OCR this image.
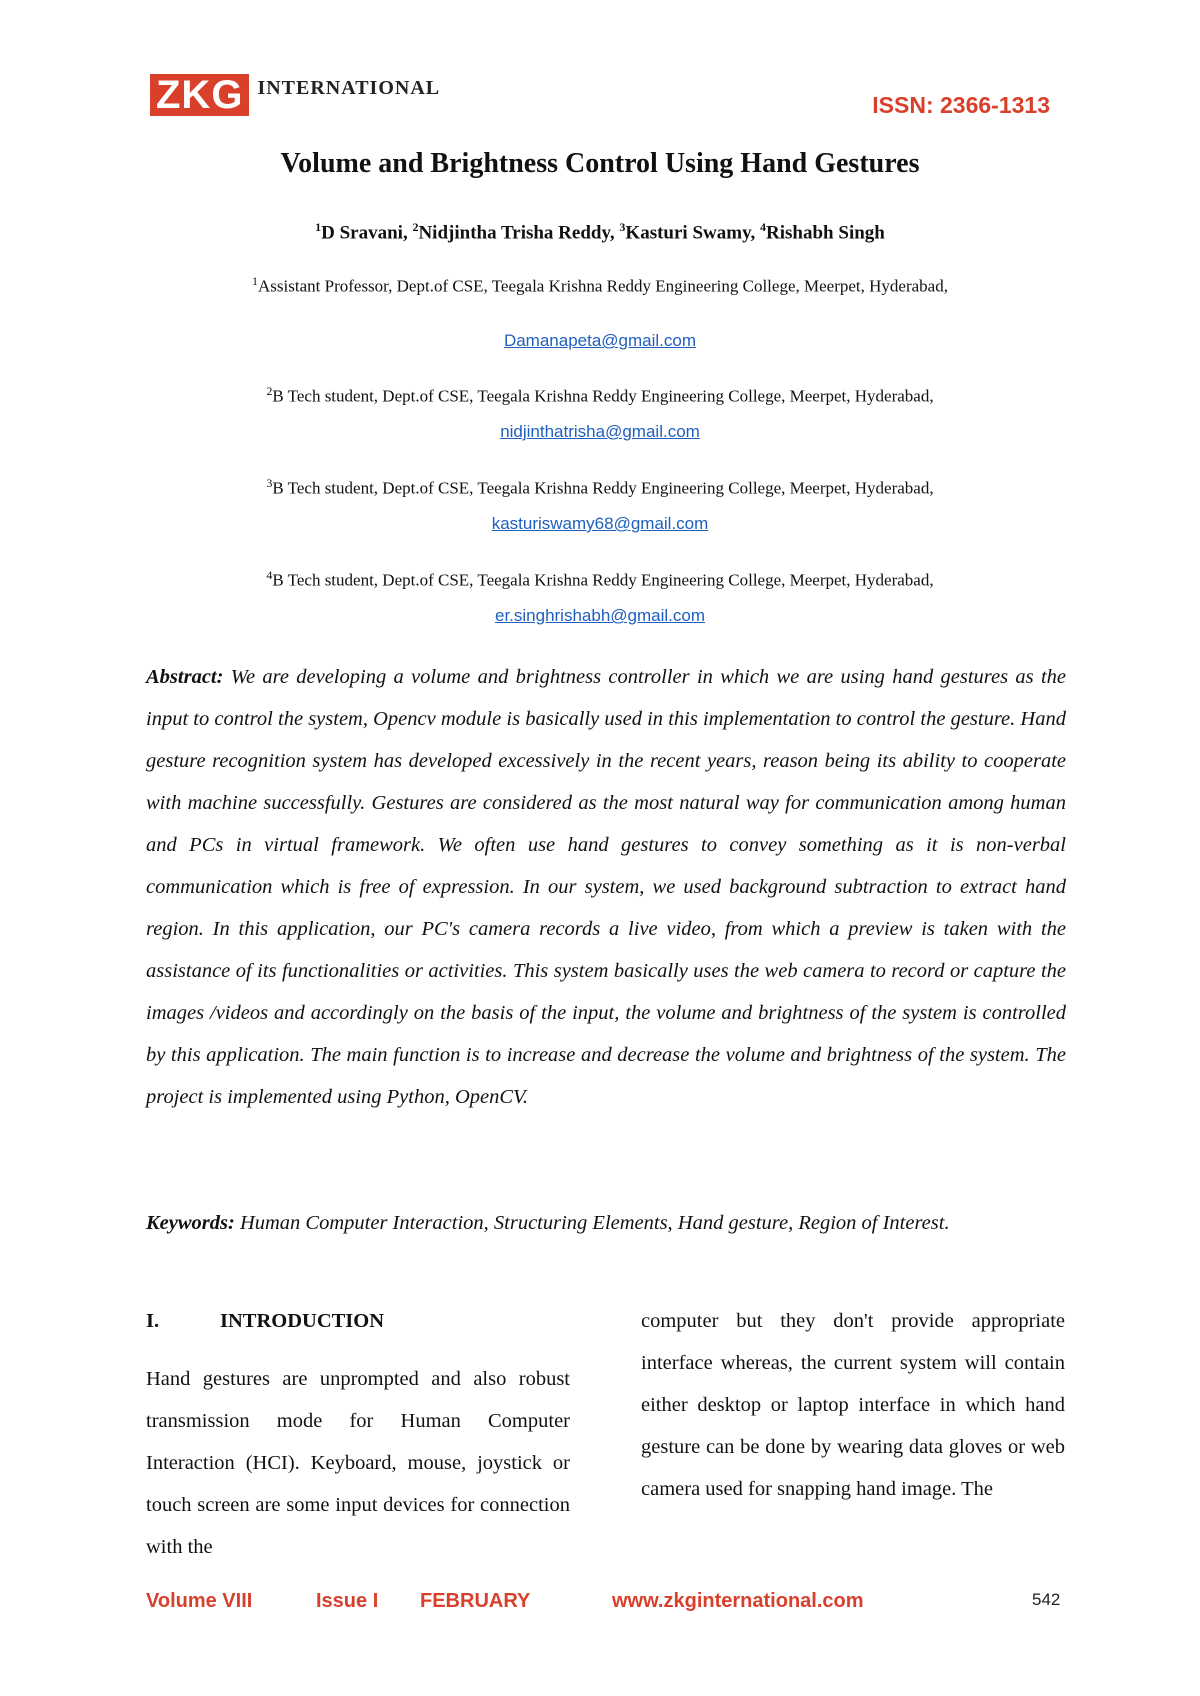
ZKG INTERNATIONAL
ISSN: 2366-1313
Volume and Brightness Control Using Hand Gestures
$^1$D Sravani, $^2$Nidjintha Trisha Reddy, $^3$Kasturi Swamy, $^4$Rishabh Singh
$^1$Assistant Professor, Dept.of CSE, Teegala Krishna Reddy Engineering College, Meerpet, Hyderabad,
Damanapeta@gmail.com
$^2$B Tech student, Dept.of CSE, Teegala Krishna Reddy Engineering College, Meerpet, Hyderabad,
nidjinthatrisha@gmail.com
$^3$B Tech student, Dept.of CSE, Teegala Krishna Reddy Engineering College, Meerpet, Hyderabad,
kasturiswamy68@gmail.com
$^4$B Tech student, Dept.of CSE, Teegala Krishna Reddy Engineering College, Meerpet, Hyderabad,
er.singhrishabh@gmail.com
Abstract: We are developing a volume and brightness controller in which we are using hand gestures as the input to control the system, Opencv module is basically used in this implementation to control the gesture. Hand gesture recognition system has developed excessively in the recent years, reason being its ability to cooperate with machine successfully. Gestures are considered as the most natural way for communication among human and PCs in virtual framework. We often use hand gestures to convey something as it is non-verbal communication which is free of expression. In our system, we used background subtraction to extract hand region. In this application, our PC's camera records a live video, from which a preview is taken with the assistance of its functionalities or activities. This system basically uses the web camera to record or capture the images /videos and accordingly on the basis of the input, the volume and brightness of the system is controlled by this application. The main function is to increase and decrease the volume and brightness of the system. The project is implemented using Python, OpenCV.
Keywords: Human Computer Interaction, Structuring Elements, Hand gesture, Region of Interest.
I.	INTRODUCTION
Hand gestures are unprompted and also robust transmission mode for Human Computer Interaction (HCI). Keyboard, mouse, joystick or touch screen are some input devices for connection with the
computer but they don't provide appropriate interface whereas, the current system will contain either desktop or laptop interface in which hand gesture can be done by wearing data gloves or web camera used for snapping hand image. The
Volume VIII	Issue I FEBRUARY	www.zkginternational.com	542
